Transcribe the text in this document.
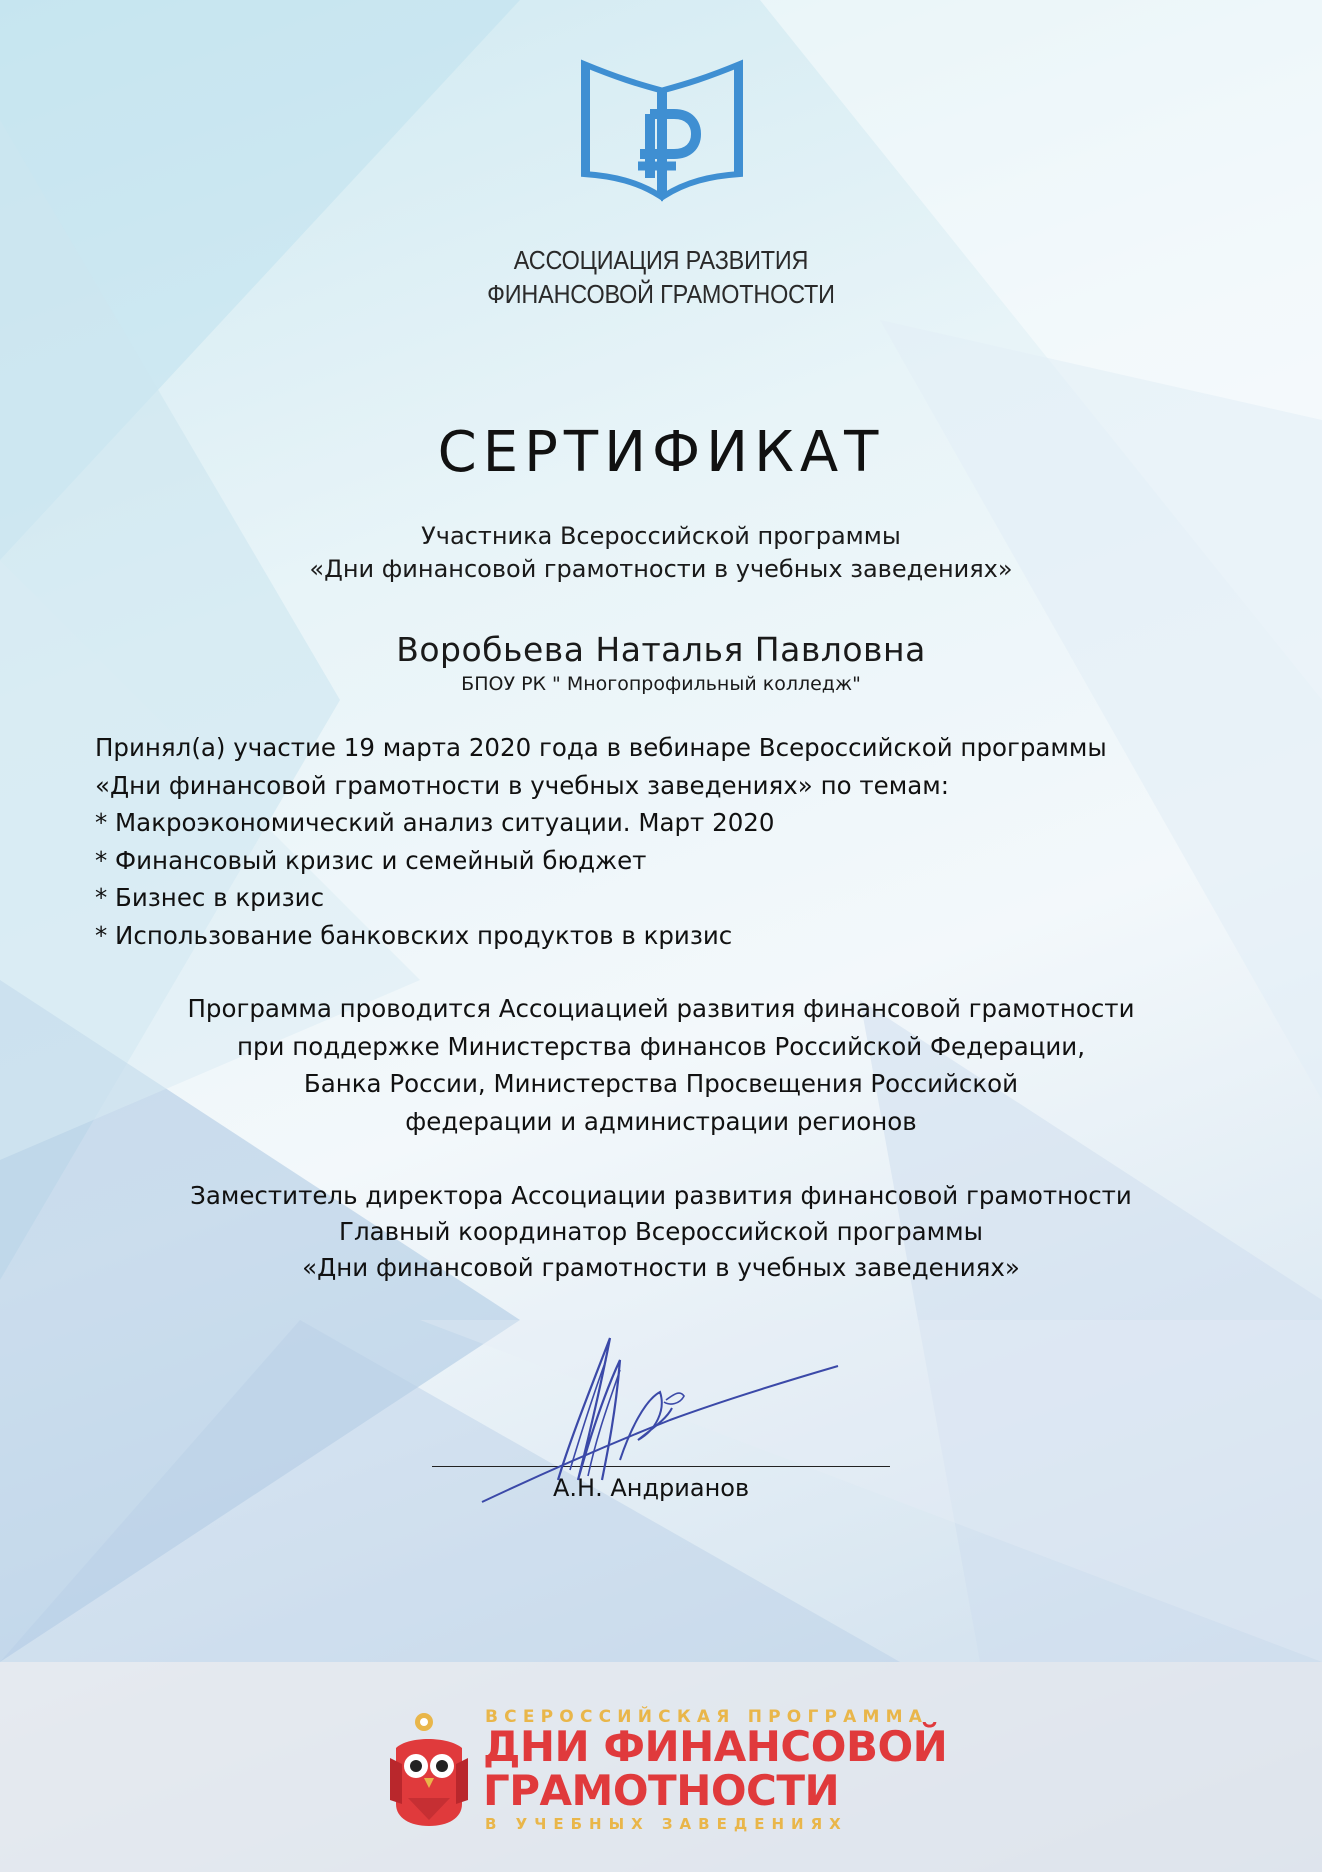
АССОЦИАЦИЯ РАЗВИТИЯ
ФИНАНСОВОЙ ГРАМОТНОСТИ
СЕРТИФИКАТ
Участника Всероссийской программы
«Дни финансовой грамотности в учебных заведениях»
Воробьева Наталья Павловна
БПОУ РК " Многопрофильный колледж"
Принял(а) участие 19 марта 2020 года в вебинаре Всероссийской программы
«Дни финансовой грамотности в учебных заведениях» по темам:
* Макроэкономический анализ ситуации. Март 2020
* Финансовый кризис и семейный бюджет
* Бизнес в кризис
* Использование банковских продуктов в кризис
Программа проводится Ассоциацией развития финансовой грамотности
при поддержке Министерства финансов Российской Федерации,
Банка России, Министерства Просвещения Российской
федерации и администрации регионов
Заместитель директора Ассоциации развития финансовой грамотности
Главный координатор Всероссийской программы
«Дни финансовой грамотности в учебных заведениях»
А.Н. Андрианов
ВСЕРОССИЙСКАЯ ПРОГРАММА
ДНИ ФИНАНСОВОЙ
ГРАМОТНОСТИ
В УЧЕБНЫХ ЗАВЕДЕНИЯХ
